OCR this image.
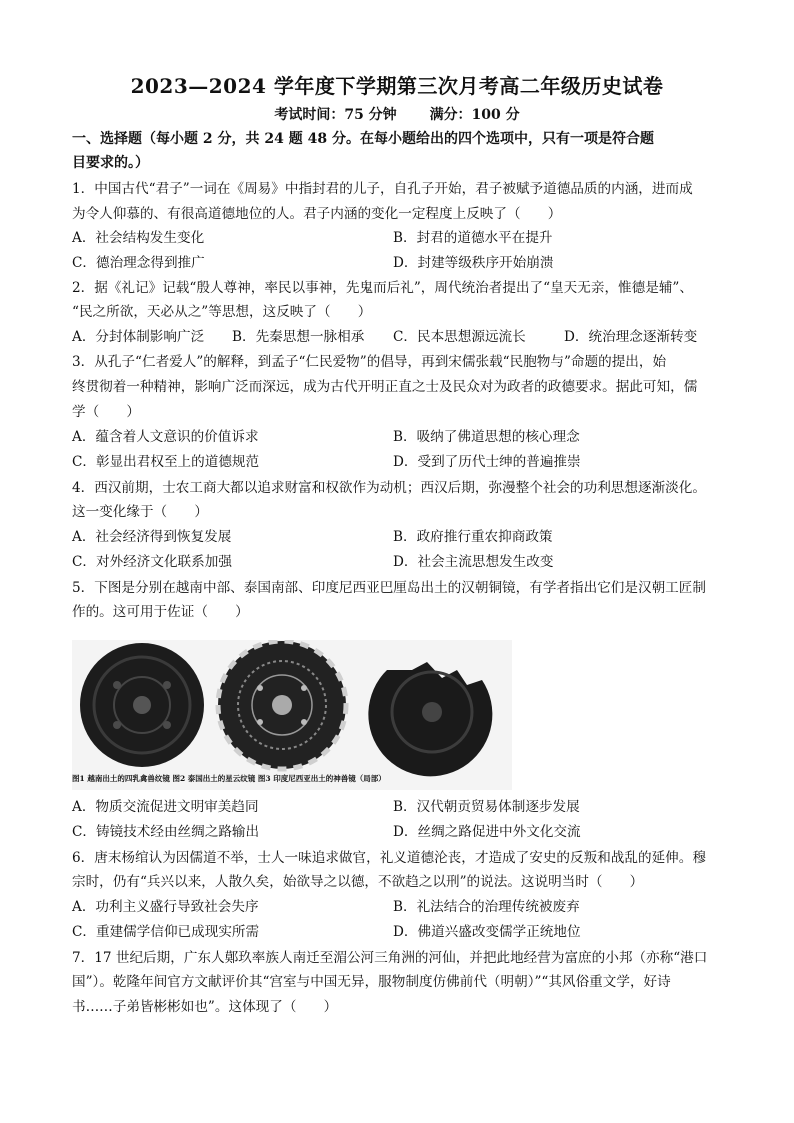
2023—2024 学年度下学期第三次月考高二年级历史试卷
考试时间：75 分钟 满分：100 分
一、选择题（每小题 2 分，共 24 题 48 分。在每小题给出的四个选项中，只有一项是符合题
目要求的。）
1．中国古代“君子”一词在《周易》中指封君的儿子，自孔子开始，君子被赋予道德品质的内涵，进而成
为令人仰慕的、有很高道德地位的人。君子内涵的变化一定程度上反映了（　　）
A．社会结构发生变化	B．封君的道德水平在提升
C．德治理念得到推广	D．封建等级秩序开始崩溃
2．据《礼记》记载“殷人尊神，率民以事神，先鬼而后礼”，周代统治者提出了“皇天无亲，惟德是辅”、
“民之所欲，天必从之”等思想，这反映了（　　）
A．分封体制影响广泛 B．先秦思想一脉相承 C．民本思想源远流长	D．统治理念逐渐转变
3．从孔子“仁者爱人”的解释，到孟子“仁民爱物”的倡导，再到宋儒张载“民胞物与”命题的提出，始
终贯彻着一种精神，影响广泛而深远，成为古代开明正直之士及民众对为政者的政德要求。据此可知，儒
学（　　）
A．蕴含着人文意识的价值诉求	B．吸纳了佛道思想的核心理念
C．彰显出君权至上的道德规范	D．受到了历代士绅的普遍推崇
4．西汉前期，士农工商大都以追求财富和权欲作为动机；西汉后期，弥漫整个社会的功利思想逐渐淡化。
这一变化缘于（　　）
A．社会经济得到恢复发展	B．政府推行重农抑商政策
C．对外经济文化联系加强	D．社会主流思想发生改变
5．下图是分别在越南中部、泰国南部、印度尼西亚巴厘岛出土的汉朝铜镜，有学者指出它们是汉朝工匠制
作的。这可用于佐证（　　）
图1 越南出土的四乳禽兽纹镜 图2 泰国出土的星云纹镜 图3 印度尼西亚出土的神兽镜（局部）
A．物质交流促进文明审美趋同	B．汉代朝贡贸易体制逐步发展
C．铸镜技术经由丝绸之路输出	D．丝绸之路促进中外文化交流
6．唐末杨绾认为因儒道不举，士人一味追求做官，礼义道德沦丧，才造成了安史的反叛和战乱的延伸。穆
宗时，仍有“兵兴以来，人散久矣，始欲导之以德，不欲趋之以刑”的说法。这说明当时（　　）
A．功利主义盛行导致社会失序	B．礼法结合的治理传统被废弃
C．重建儒学信仰已成现实所需	D．佛道兴盛改变儒学正统地位
7．17 世纪后期，广东人鄚玖率族人南迁至湄公河三角洲的河仙，并把此地经营为富庶的小邦（亦称“港口
国”）。乾隆年间官方文献评价其“宫室与中国无异，服物制度仿佛前代（明朝）”“其风俗重文学，好诗
书……子弟皆彬彬如也”。这体现了（　　）
